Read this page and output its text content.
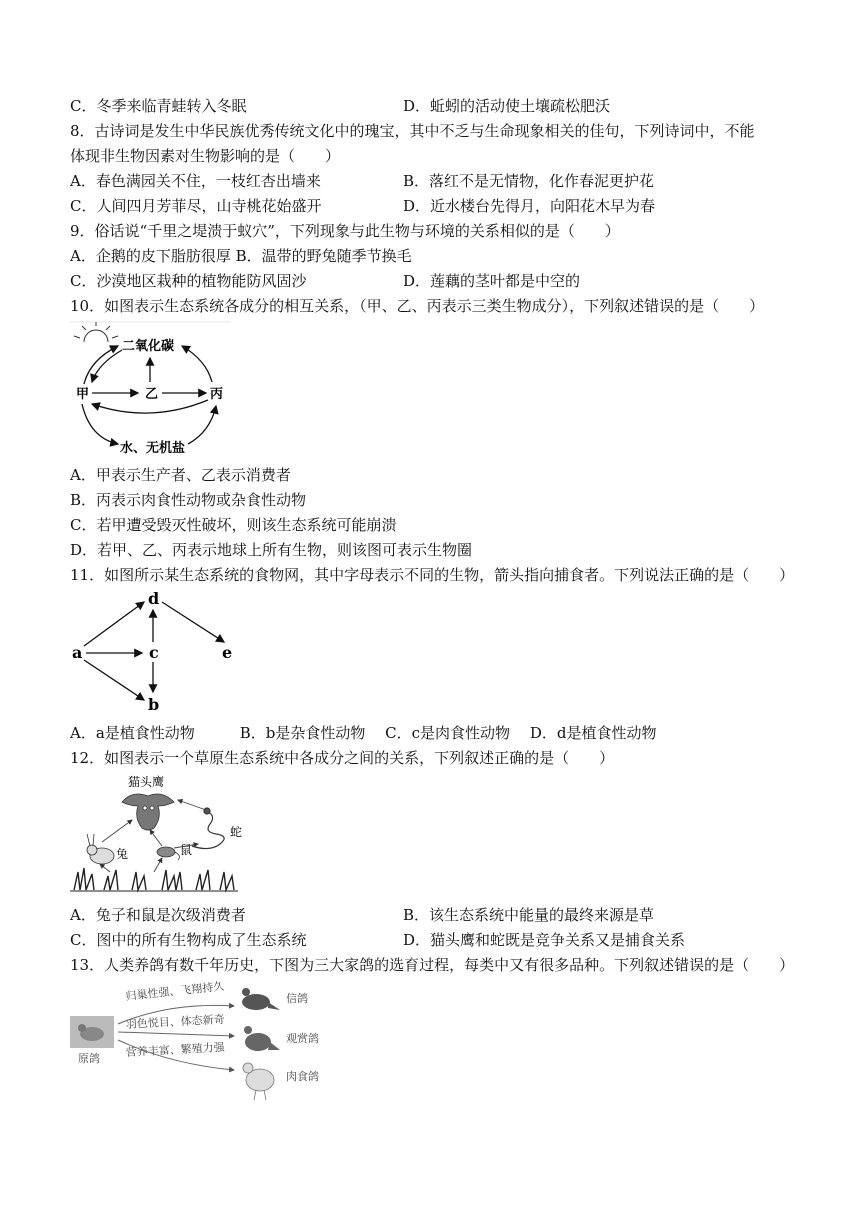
C．冬季来临青蛙转入冬眠	D．蚯蚓的活动使土壤疏松肥沃
8．古诗词是发生中华民族优秀传统文化中的瑰宝，其中不乏与生命现象相关的佳句，下列诗词中，不能
体现非生物因素对生物影响的是（　　）
A．春色满园关不住，一枝红杏出墙来	B．落红不是无情物，化作春泥更护花
C．人间四月芳菲尽，山寺桃花始盛开	D．近水楼台先得月，向阳花木早为春
9．俗话说“千里之堤溃于蚁穴”，下列现象与此生物与环境的关系相似的是（　　）
A．企鹅的皮下脂肪很厚 B．温带的野兔随季节换毛
C．沙漠地区栽种的植物能防风固沙	D．莲藕的茎叶都是中空的
10．如图表示生态系统各成分的相互关系，（甲、乙、丙表示三类生物成分），下列叙述错误的是（　　）
二氧化碳
甲	乙	丙
水、无机盐
A．甲表示生产者、乙表示消费者
B．丙表示肉食性动物或杂食性动物
C．若甲遭受毁灭性破坏，则该生态系统可能崩溃
D．若甲、乙、丙表示地球上所有生物，则该图可表示生物圈
11．如图所示某生态系统的食物网，其中字母表示不同的生物，箭头指向捕食者。下列说法正确的是（　　）
d
a	c	e
b
A．a是植食性动物　　　B．b是杂食性动物　 C．c是肉食性动物　 D．d是植食性动物
12．如图表示一个草原生态系统中各成分之间的关系，下列叙述正确的是（　　）
猫头鹰
蛇
兔	鼠
A．兔子和鼠是次级消费者	B．该生态系统中能量的最终来源是草
C．图中的所有生物构成了生态系统	D．猫头鹰和蛇既是竞争关系又是捕食关系
13．人类养鸽有数千年历史，下图为三大家鸽的选育过程，每类中又有很多品种。下列叙述错误的是（　　）
原鸽
归巢性强、飞翔持久
羽色悦目、体态新奇
营养丰富、繁殖力强
信鸽
观赏鸽
肉食鸽
